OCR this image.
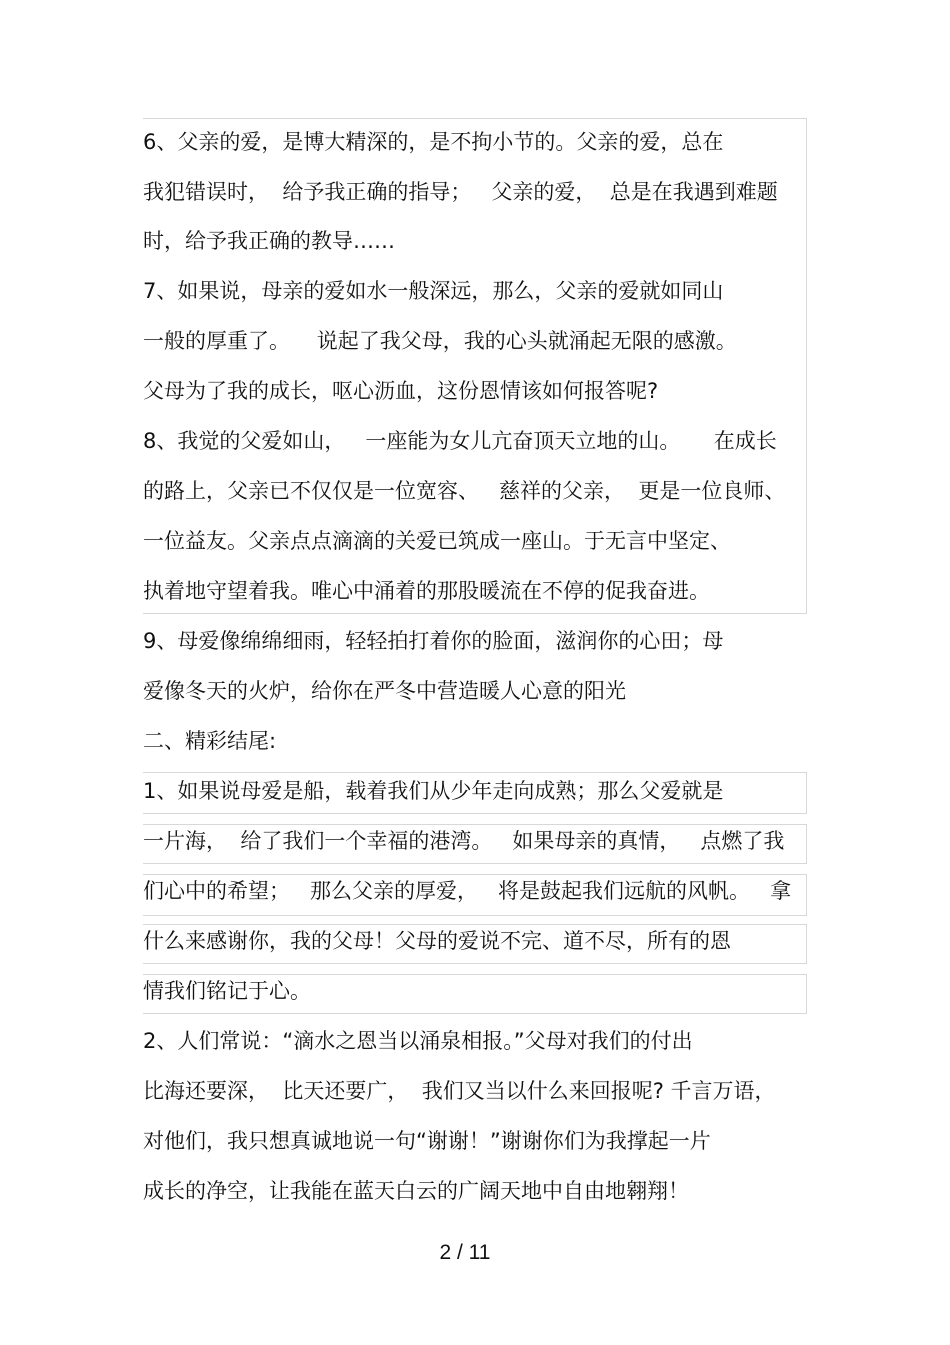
6、父亲的爱，是博大精深的，是不拘小节的。父亲的爱，总在
我犯错误时，  给予我正确的指导；   父亲的爱，  总是在我遇到难题
时，给予我正确的教导……
7、如果说，母亲的爱如水一般深远，那么，父亲的爱就如同山
一般的厚重了。    说起了我父母，我的心头就涌起无限的感激。
父母为了我的成长，呕心沥血，这份恩情该如何报答呢?
8、我觉的父爱如山，   一座能为女儿亢奋顶天立地的山。     在成长
的路上，父亲已不仅仅是一位宽容、   慈祥的父亲，  更是一位良师、
一位益友。父亲点点滴滴的关爱已筑成一座山。于无言中坚定、
执着地守望着我。唯心中涌着的那股暖流在不停的促我奋进。
9、母爱像绵绵细雨，轻轻拍打着你的脸面，滋润你的心田；母
爱像冬天的火炉，给你在严冬中营造暖人心意的阳光
二、精彩结尾:
1、如果说母爱是船，载着我们从少年走向成熟；那么父爱就是
一片海，  给了我们一个幸福的港湾。   如果母亲的真情，   点燃了我
们心中的希望；   那么父亲的厚爱，   将是鼓起我们远航的风帆。   拿
什么来感谢你，我的父母！父母的爱说不完、道不尽，所有的恩
情我们铭记于心。
2、人们常说：“滴水之恩当以涌泉相报。”父母对我们的付出
比海还要深，  比天还要广，  我们又当以什么来回报呢? 千言万语，
对他们，我只想真诚地说一句“谢谢！”谢谢你们为我撑起一片
成长的净空，让我能在蓝天白云的广阔天地中自由地翱翔！
2 / 11
